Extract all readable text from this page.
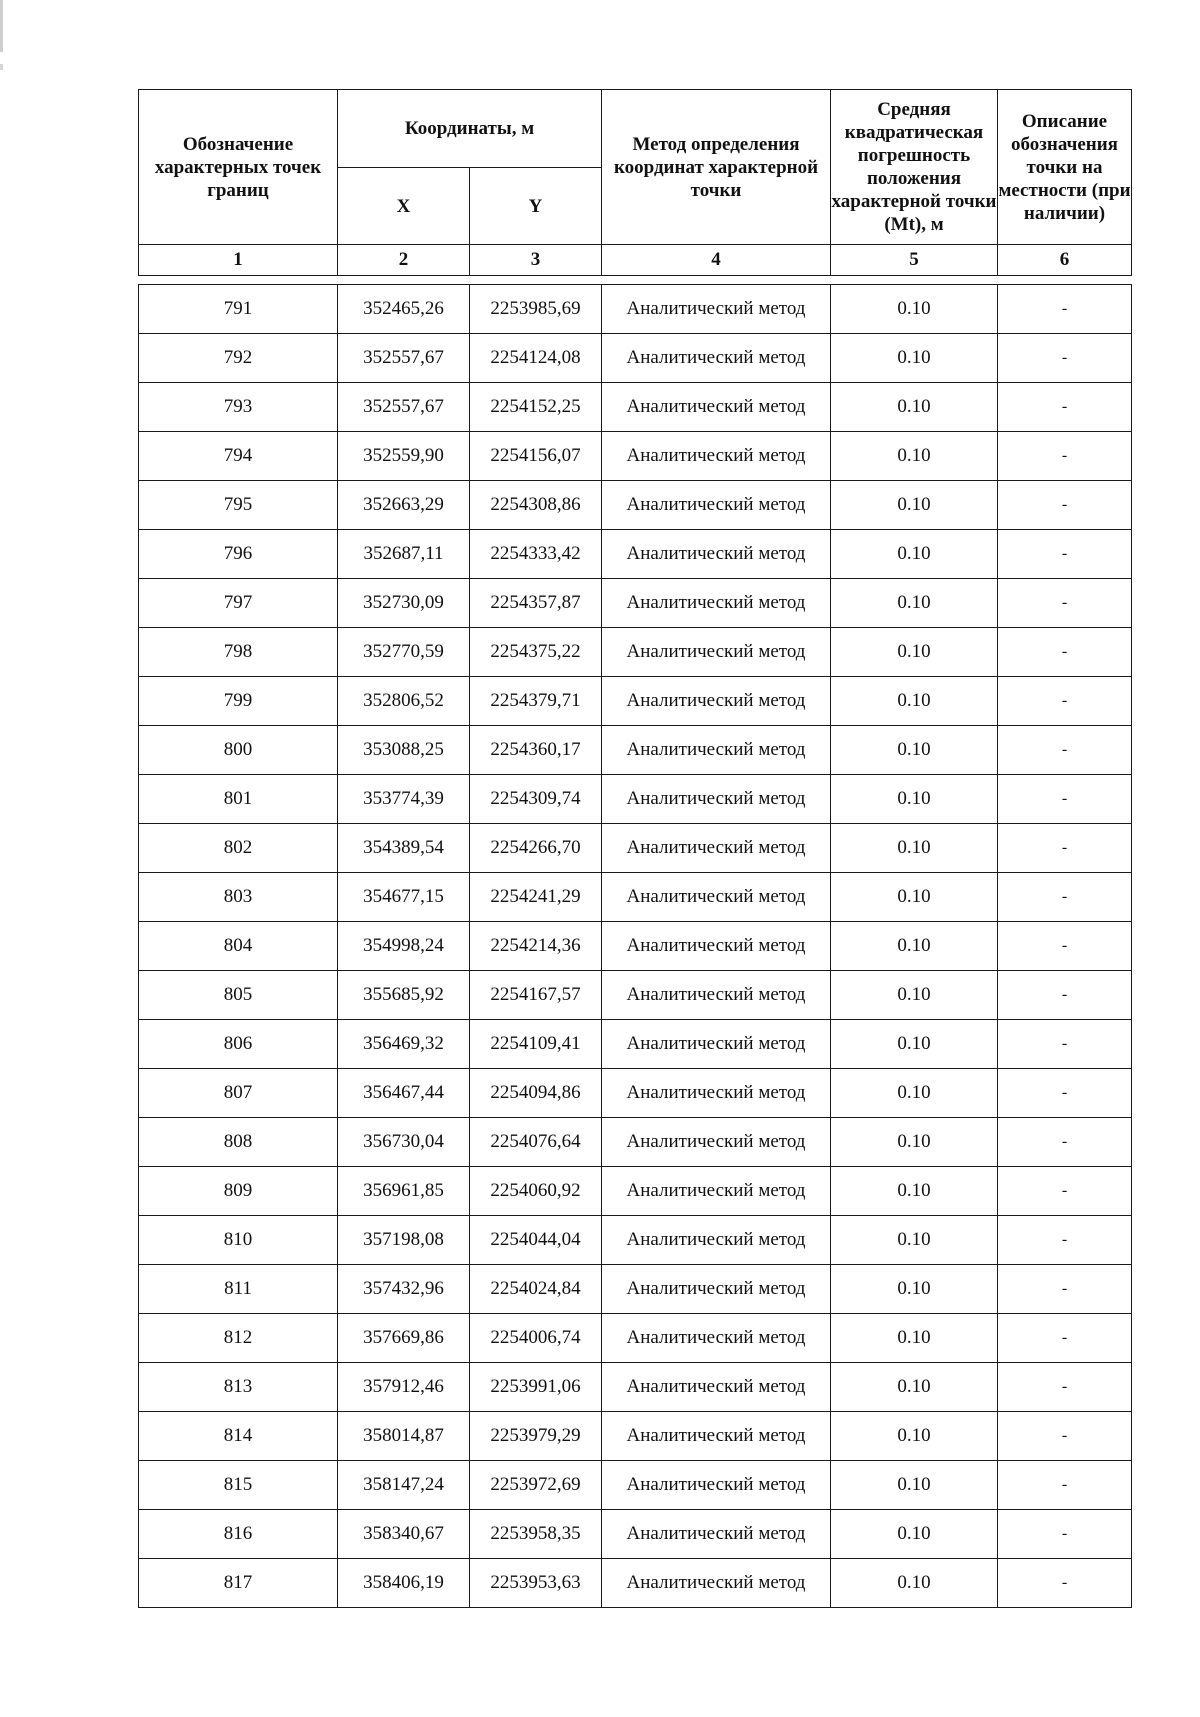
Обозначение характерных точек границ	Координаты, м		Метод определения координат характерной точки	Средняя квадратическая погрешность положения характерной точки (Mt), м	Описание обозначения точки на местности (при наличии)
	X	Y			
1	2	3	4	5	6
791	352465,26	2253985,69	Аналитический метод	0.10	-
792	352557,67	2254124,08	Аналитический метод	0.10	-
793	352557,67	2254152,25	Аналитический метод	0.10	-
794	352559,90	2254156,07	Аналитический метод	0.10	-
795	352663,29	2254308,86	Аналитический метод	0.10	-
796	352687,11	2254333,42	Аналитический метод	0.10	-
797	352730,09	2254357,87	Аналитический метод	0.10	-
798	352770,59	2254375,22	Аналитический метод	0.10	-
799	352806,52	2254379,71	Аналитический метод	0.10	-
800	353088,25	2254360,17	Аналитический метод	0.10	-
801	353774,39	2254309,74	Аналитический метод	0.10	-
802	354389,54	2254266,70	Аналитический метод	0.10	-
803	354677,15	2254241,29	Аналитический метод	0.10	-
804	354998,24	2254214,36	Аналитический метод	0.10	-
805	355685,92	2254167,57	Аналитический метод	0.10	-
806	356469,32	2254109,41	Аналитический метод	0.10	-
807	356467,44	2254094,86	Аналитический метод	0.10	-
808	356730,04	2254076,64	Аналитический метод	0.10	-
809	356961,85	2254060,92	Аналитический метод	0.10	-
810	357198,08	2254044,04	Аналитический метод	0.10	-
811	357432,96	2254024,84	Аналитический метод	0.10	-
812	357669,86	2254006,74	Аналитический метод	0.10	-
813	357912,46	2253991,06	Аналитический метод	0.10	-
814	358014,87	2253979,29	Аналитический метод	0.10	-
815	358147,24	2253972,69	Аналитический метод	0.10	-
816	358340,67	2253958,35	Аналитический метод	0.10	-
817	358406,19	2253953,63	Аналитический метод	0.10	-
